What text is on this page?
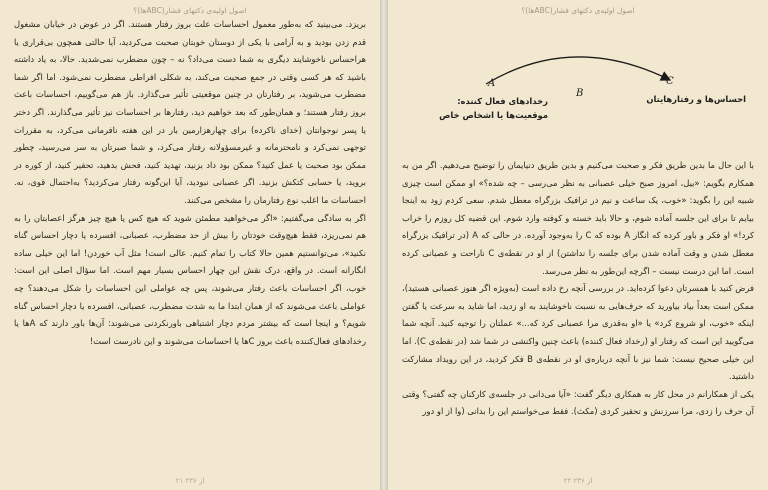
اصول اولیه‌ی دکتهای فشار(ABCها)؟

بریزد. می‌بینید که به‌طور معمول احساسات علت بروز رفتار هستند. اگر در عوض در خیابان مشغول قدم زدن بودید و به آرامی با یکی از دوستان خوبتان صحبت می‌کردید، آیا حالتی همچون بی‌قراری یا هراحساس ناخوشایند دیگری به شما دست می‌داد؟ نه – چون مضطرب نمی‌شدید. حالا، به یاد داشته باشید که هر کسی وقتی در جمع صحبت می‌کند، به شکلی افراطی مضطرب نمی‌شود. اما اگر شما مضطرب می‌شوید، بر رفتارتان در چنین موقعیتی تأثیر می‌گذارد. باز هم می‌گوییم، احساسات باعث بروز رفتار هستند؛ و همان‌طور که بعد خواهیم دید، رفتارها بر احساسات نیز تأثیر می‌گذارند. اگر دختر یا پسر نوجوانتان (خدای ناکرده) برای چهارهزارمین بار در این هفته نافرمانی می‌کرد، به مقررات توجهی نمی‌کرد و نامحترمانه و غیرمسؤولانه رفتار می‌کرد، و شما صبرتان به سر می‌رسید، چطور ممکن بود صحبت یا عمل کنید؟ ممکن بود داد بزنید، تهدید کنید، فحش بدهید، تحقیر کنید، از کوره در بروید، یا حسابی کتکش بزنید. اگر عصبانی نبودید، آیا این‌گونه رفتار می‌کردید؟ به‌احتمال قوی، نه. احساسات ما اغلب نوع رفتارمان را مشخص می‌کنند.

اگر به سادگی می‌گفتیم: «اگر می‌خواهید مطمئن شوید که هیچ کس یا هیچ چیز هرگز اعصابتان را به هم نمی‌ریزد، فقط هیچ‌وقت خودتان را بیش از حد مضطرب، عصبانی، افسرده یا دچار احساس گناه نکنید»، می‌توانستیم همین حالا کتاب را تمام کنیم. عالی است! مثل آب خوردن! اما این خیلی ساده انگارانه است. در واقع، درک نقش این چهار احساس بسیار مهم است. اما سؤال اصلی این است: خوب، اگر احساسات باعث رفتار می‌شوند، پس چه عواملی این احساسات را شکل می‌دهند؟ چه عواملی باعث می‌شوند که از همان ابتدا ما به شدت مضطرب، عصبانی، افسرده یا دچار احساس گناه شویم؟ و اینجا است که بیشتر مردم دچار اشتباهی باورنکردنی می‌شوند: آن‌ها باور دارند که Aها یا رخدادهای فعال‌کننده باعث بروز Cها یا احساسات می‌شوند و این نادرست است!

۲۱ از ۲۳۶
اصول اولیه‌ی دکتهای فشار(ABCها)؟
A
B
C
رخدادهای فعال کننده:
موقعیت‌ها یا اشخاص خاص
احساس‌ها و رفتارهایتان

با این حال ما بدین طریق فکر و صحبت می‌کنیم و بدین طریق دنیایمان را توضیح می‌دهیم. اگر من به همکارم بگویم: «بیل، امروز صبح خیلی عصبانی به نظر می‌رسی – چه شده؟» او ممکن است چیزی شبیه این را بگوید: «خوب، یک ساعت و نیم در ترافیک بزرگراه معطل شدم. سعی کردم زود به اینجا بیایم تا برای این جلسه آماده شوم، و حالا باید خسته و کوفته وارد شوم. این قضیه کل روزم را خراب کرد!» او فکر و باور کرده که انگار A بوده که C را به‌وجود آورده. در حالی که A (در ترافیک بزرگراه معطل شدن و وقت آماده شدن برای جلسه را نداشتن) از او در نقطه‌ی C ناراحت و عصبانی کرده است. اما این درست نیست – اگرچه این‌طور به نظر می‌رسد.

فرض کنید با همسرتان دعوا کرده‌اید. در بررسی آنچه رخ داده است (به‌ویژه اگر هنوز عصبانی هستید)، ممکن است بعداً بیاد بیاورید که حرف‌هایی به نسبت ناخوشایند به او زدید، اما شاید به سرعت یا گفتن اینکه «خوب، او شروع کرد» یا «او به‌قدری مرا عصبانی کرد که...» عملتان را توجیه کنید. آنچه شما می‌گویید این است که رفتار او (رخداد فعال کننده) باعث چنین واکنشی در شما شد (در نقطه‌ی C). اما این خیلی صحیح نیست: شما نیز با آنچه درباره‌ی او در نقطه‌ی B فکر کردید، در این رویداد مشارکت داشتید.

یکی از همکارانم در محل کار به همکاری دیگر گفت: «آیا می‌دانی در جلسه‌ی کارکنان چه گفتی؟ وقتی آن حرف را زدی، مرا سرزنش و تحقیر کردی (مکث). فقط می‌خواستم این را بدانی (وا از او دور

۲۲ از ۲۳۶
